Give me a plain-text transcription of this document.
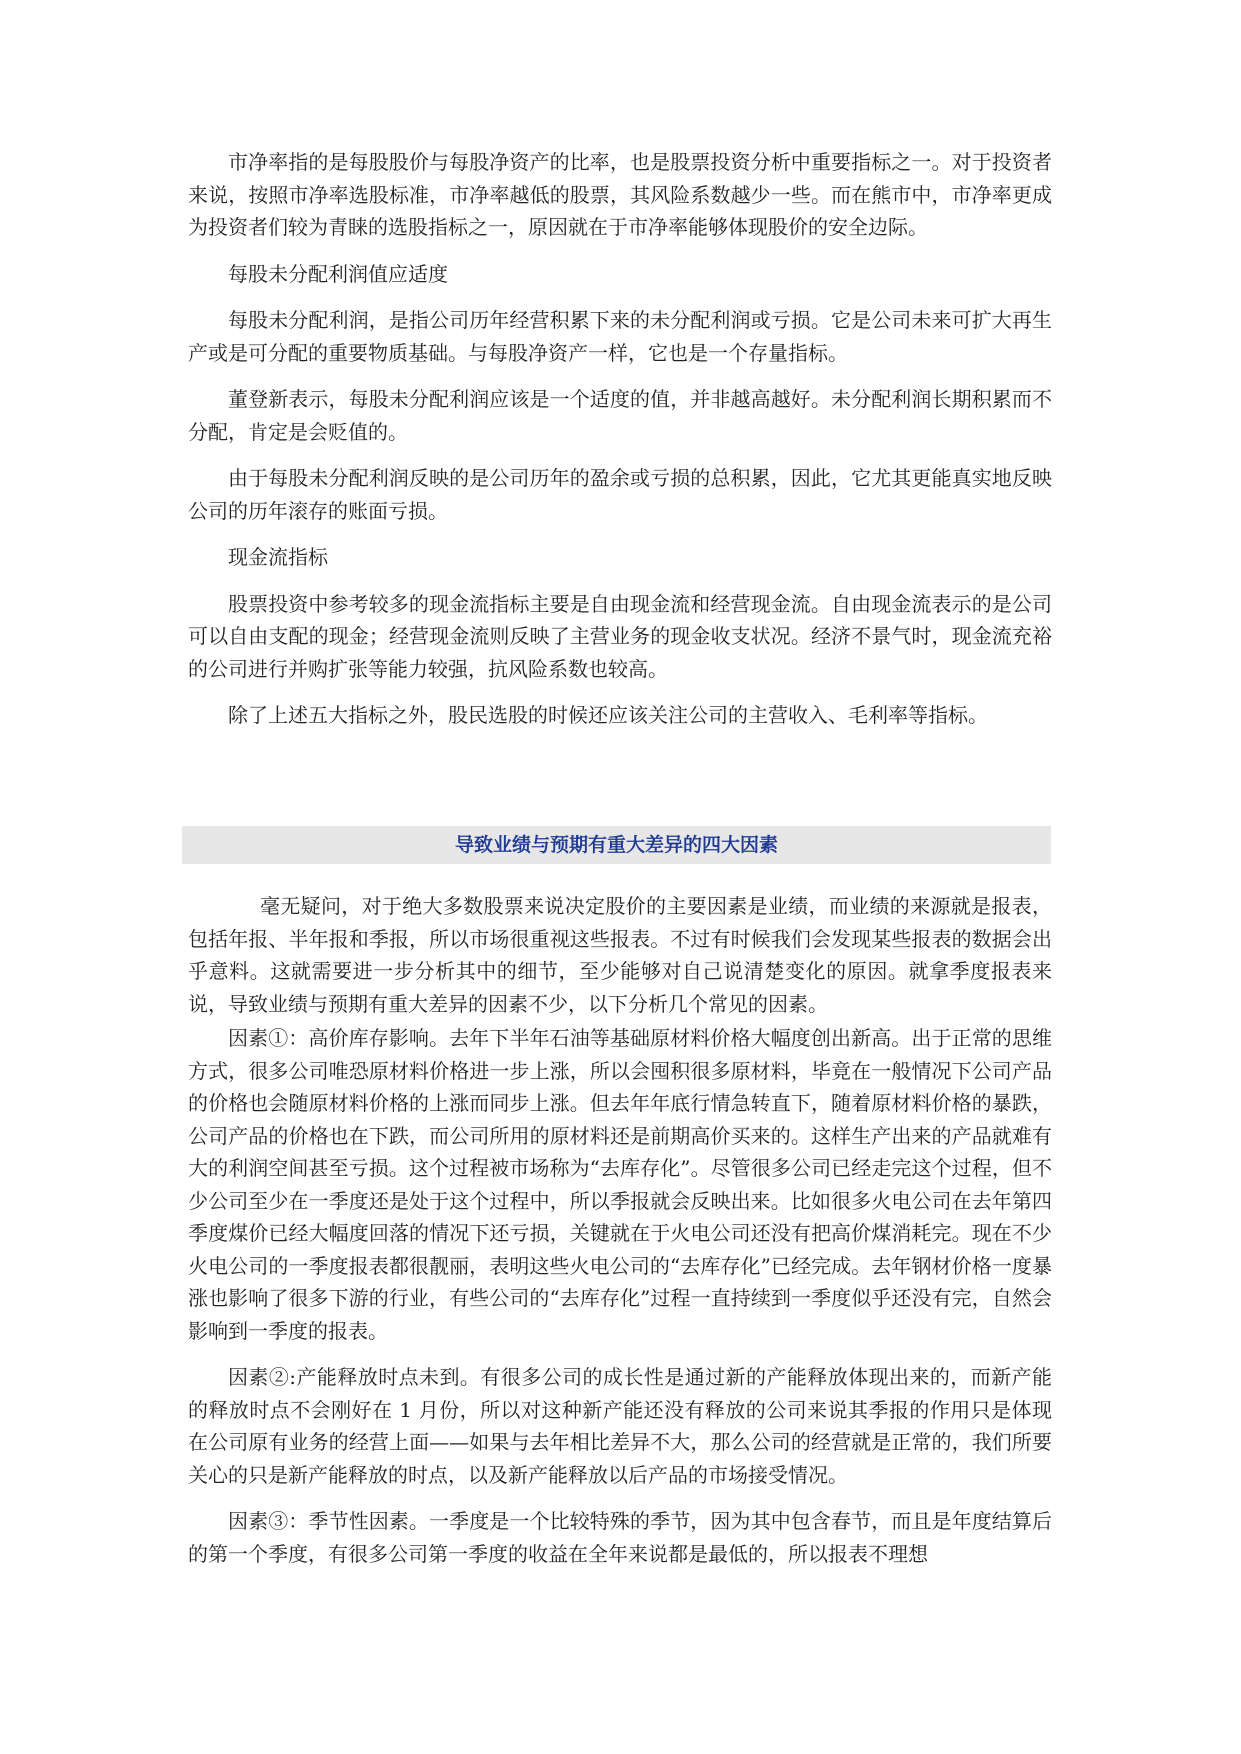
市净率指的是每股股价与每股净资产的比率，也是股票投资分析中重要指标之一。对于投资者来说，按照市净率选股标准，市净率越低的股票，其风险系数越少一些。而在熊市中，市净率更成为投资者们较为青睐的选股指标之一，原因就在于市净率能够体现股价的安全边际。

每股未分配利润值应适度

每股未分配利润，是指公司历年经营积累下来的未分配利润或亏损。它是公司未来可扩大再生产或是可分配的重要物质基础。与每股净资产一样，它也是一个存量指标。

董登新表示，每股未分配利润应该是一个适度的值，并非越高越好。未分配利润长期积累而不分配，肯定是会贬值的。

由于每股未分配利润反映的是公司历年的盈余或亏损的总积累，因此，它尤其更能真实地反映公司的历年滚存的账面亏损。

现金流指标

股票投资中参考较多的现金流指标主要是自由现金流和经营现金流。自由现金流表示的是公司可以自由支配的现金；经营现金流则反映了主营业务的现金收支状况。经济不景气时，现金流充裕的公司进行并购扩张等能力较强，抗风险系数也较高。

除了上述五大指标之外，股民选股的时候还应该关注公司的主营收入、毛利率等指标。

导致业绩与预期有重大差异的四大因素

毫无疑问，对于绝大多数股票来说决定股价的主要因素是业绩，而业绩的来源就是报表，包括年报、半年报和季报，所以市场很重视这些报表。不过有时候我们会发现某些报表的数据会出乎意料。这就需要进一步分析其中的细节，至少能够对自己说清楚变化的原因。就拿季度报表来说，导致业绩与预期有重大差异的因素不少，以下分析几个常见的因素。

因素①：高价库存影响。去年下半年石油等基础原材料价格大幅度创出新高。出于正常的思维方式，很多公司唯恐原材料价格进一步上涨，所以会囤积很多原材料，毕竟在一般情况下公司产品的价格也会随原材料价格的上涨而同步上涨。但去年年底行情急转直下，随着原材料价格的暴跌，公司产品的价格也在下跌，而公司所用的原材料还是前期高价买来的。这样生产出来的产品就难有大的利润空间甚至亏损。这个过程被市场称为“去库存化”。尽管很多公司已经走完这个过程，但不少公司至少在一季度还是处于这个过程中，所以季报就会反映出来。比如很多火电公司在去年第四季度煤价已经大幅度回落的情况下还亏损，关键就在于火电公司还没有把高价煤消耗完。现在不少火电公司的一季度报表都很靓丽，表明这些火电公司的“去库存化”已经完成。去年钢材价格一度暴涨也影响了很多下游的行业，有些公司的“去库存化”过程一直持续到一季度似乎还没有完，自然会影响到一季度的报表。

因素②:产能释放时点未到。有很多公司的成长性是通过新的产能释放体现出来的，而新产能的释放时点不会刚好在 1 月份，所以对这种新产能还没有释放的公司来说其季报的作用只是体现在公司原有业务的经营上面——如果与去年相比差异不大，那么公司的经营就是正常的，我们所要关心的只是新产能释放的时点，以及新产能释放以后产品的市场接受情况。

因素③：季节性因素。一季度是一个比较特殊的季节，因为其中包含春节，而且是年度结算后的第一个季度，有很多公司第一季度的收益在全年来说都是最低的，所以报表不理想
